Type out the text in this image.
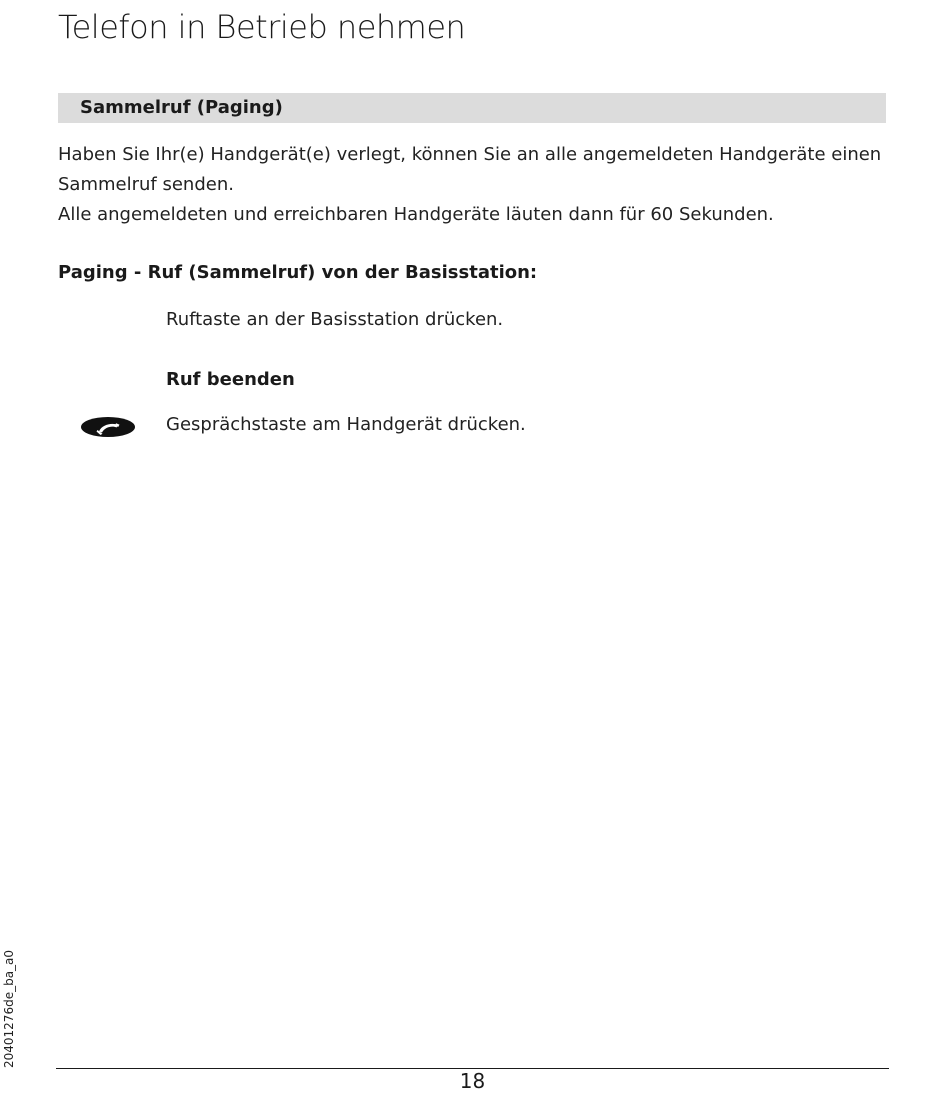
Telefon in Betrieb nehmen
Sammelruf (Paging)

Haben Sie Ihr(e) Handgerät(e) verlegt, können Sie an alle angemeldeten Handgeräte einen Sammelruf senden.

Alle angemeldeten und erreichbaren Handgeräte läuten dann für 60 Sekunden.

Paging - Ruf (Sammelruf) von der Basisstation:
Ruftaste an der Basisstation drücken.
Ruf beenden
Gesprächstaste am Handgerät drücken.
20401276de_ba_a0
18
